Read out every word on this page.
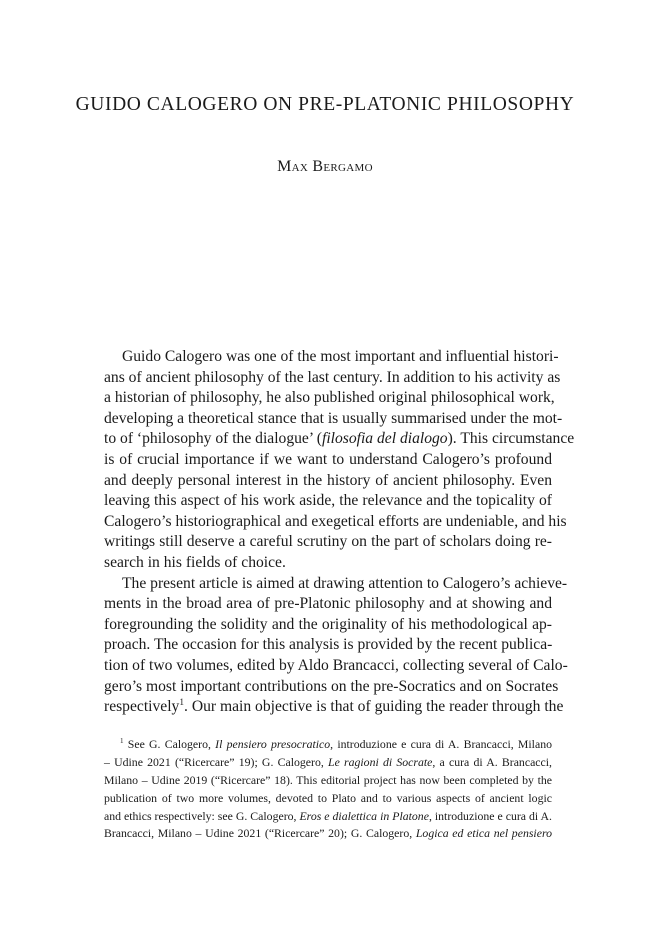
GUIDO CALOGERO ON PRE-PLATONIC PHILOSOPHY
Max Bergamo
Guido Calogero was one of the most important and influential histori-
ans of ancient philosophy of the last century. In addition to his activity as
a historian of philosophy, he also published original philosophical work,
developing a theoretical stance that is usually summarised under the mot-
to of ‘philosophy of the dialogue’ (filosofia del dialogo). This circumstance
is of crucial importance if we want to understand Calogero’s profound
and deeply personal interest in the history of ancient philosophy. Even
leaving this aspect of his work aside, the relevance and the topicality of
Calogero’s historiographical and exegetical efforts are undeniable, and his
writings still deserve a careful scrutiny on the part of scholars doing re-
search in his fields of choice.
The present article is aimed at drawing attention to Calogero’s achieve-
ments in the broad area of pre-Platonic philosophy and at showing and
foregrounding the solidity and the originality of his methodological ap-
proach. The occasion for this analysis is provided by the recent publica-
tion of two volumes, edited by Aldo Brancacci, collecting several of Calo-
gero’s most important contributions on the pre-Socratics and on Socrates
respectively$^1$. Our main objective is that of guiding the reader through the
$^1$ See G. Calogero, Il pensiero presocratico, introduzione e cura di A. Brancacci, Milano
– Udine 2021 (“Ricercare” 19); G. Calogero, Le ragioni di Socrate, a cura di A. Brancacci,
Milano – Udine 2019 (“Ricercare” 18). This editorial project has now been completed by the
publication of two more volumes, devoted to Plato and to various aspects of ancient logic
and ethics respectively: see G. Calogero, Eros e dialettica in Platone, introduzione e cura di A.
Brancacci, Milano – Udine 2021 (“Ricercare” 20); G. Calogero, Logica ed etica nel pensiero
